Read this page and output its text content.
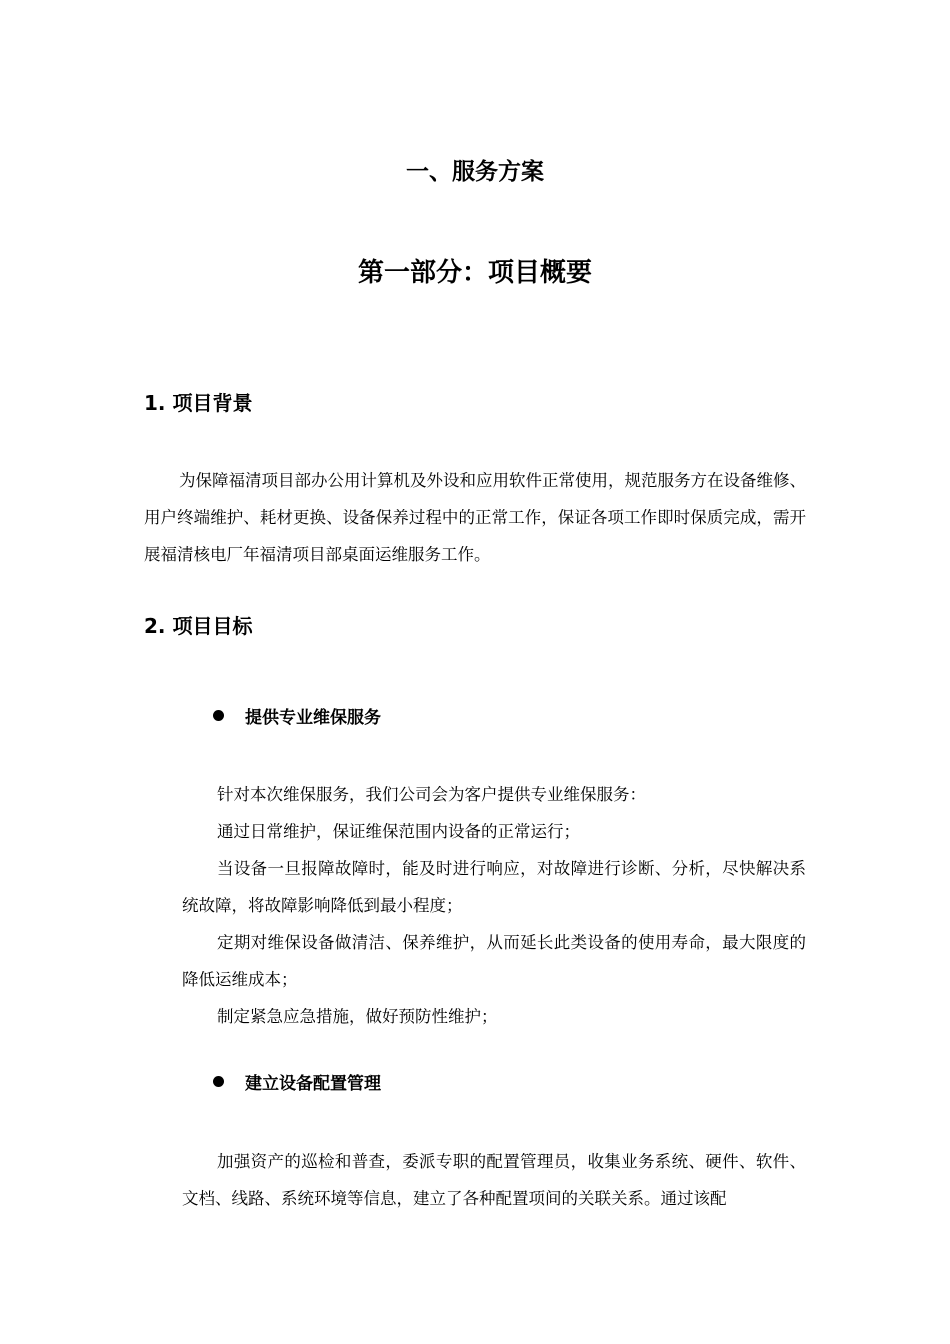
一、服务方案
第一部分：项目概要
1. 项目背景
为保障福清项目部办公用计算机及外设和应用软件正常使用，规范服务方在设备维修、用户终端维护、耗材更换、设备保养过程中的正常工作，保证各项工作即时保质完成，需开展福清核电厂年福清项目部桌面运维服务工作。
2. 项目目标
提供专业维保服务
针对本次维保服务，我们公司会为客户提供专业维保服务：
通过日常维护，保证维保范围内设备的正常运行；
当设备一旦报障故障时，能及时进行响应，对故障进行诊断、分析，尽快解决系统故障，将故障影响降低到最小程度；
定期对维保设备做清洁、保养维护，从而延长此类设备的使用寿命，最大限度的降低运维成本；
制定紧急应急措施，做好预防性维护；
建立设备配置管理
加强资产的巡检和普查，委派专职的配置管理员，收集业务系统、硬件、软件、文档、线路、系统环境等信息，建立了各种配置项间的关联关系。通过该配
